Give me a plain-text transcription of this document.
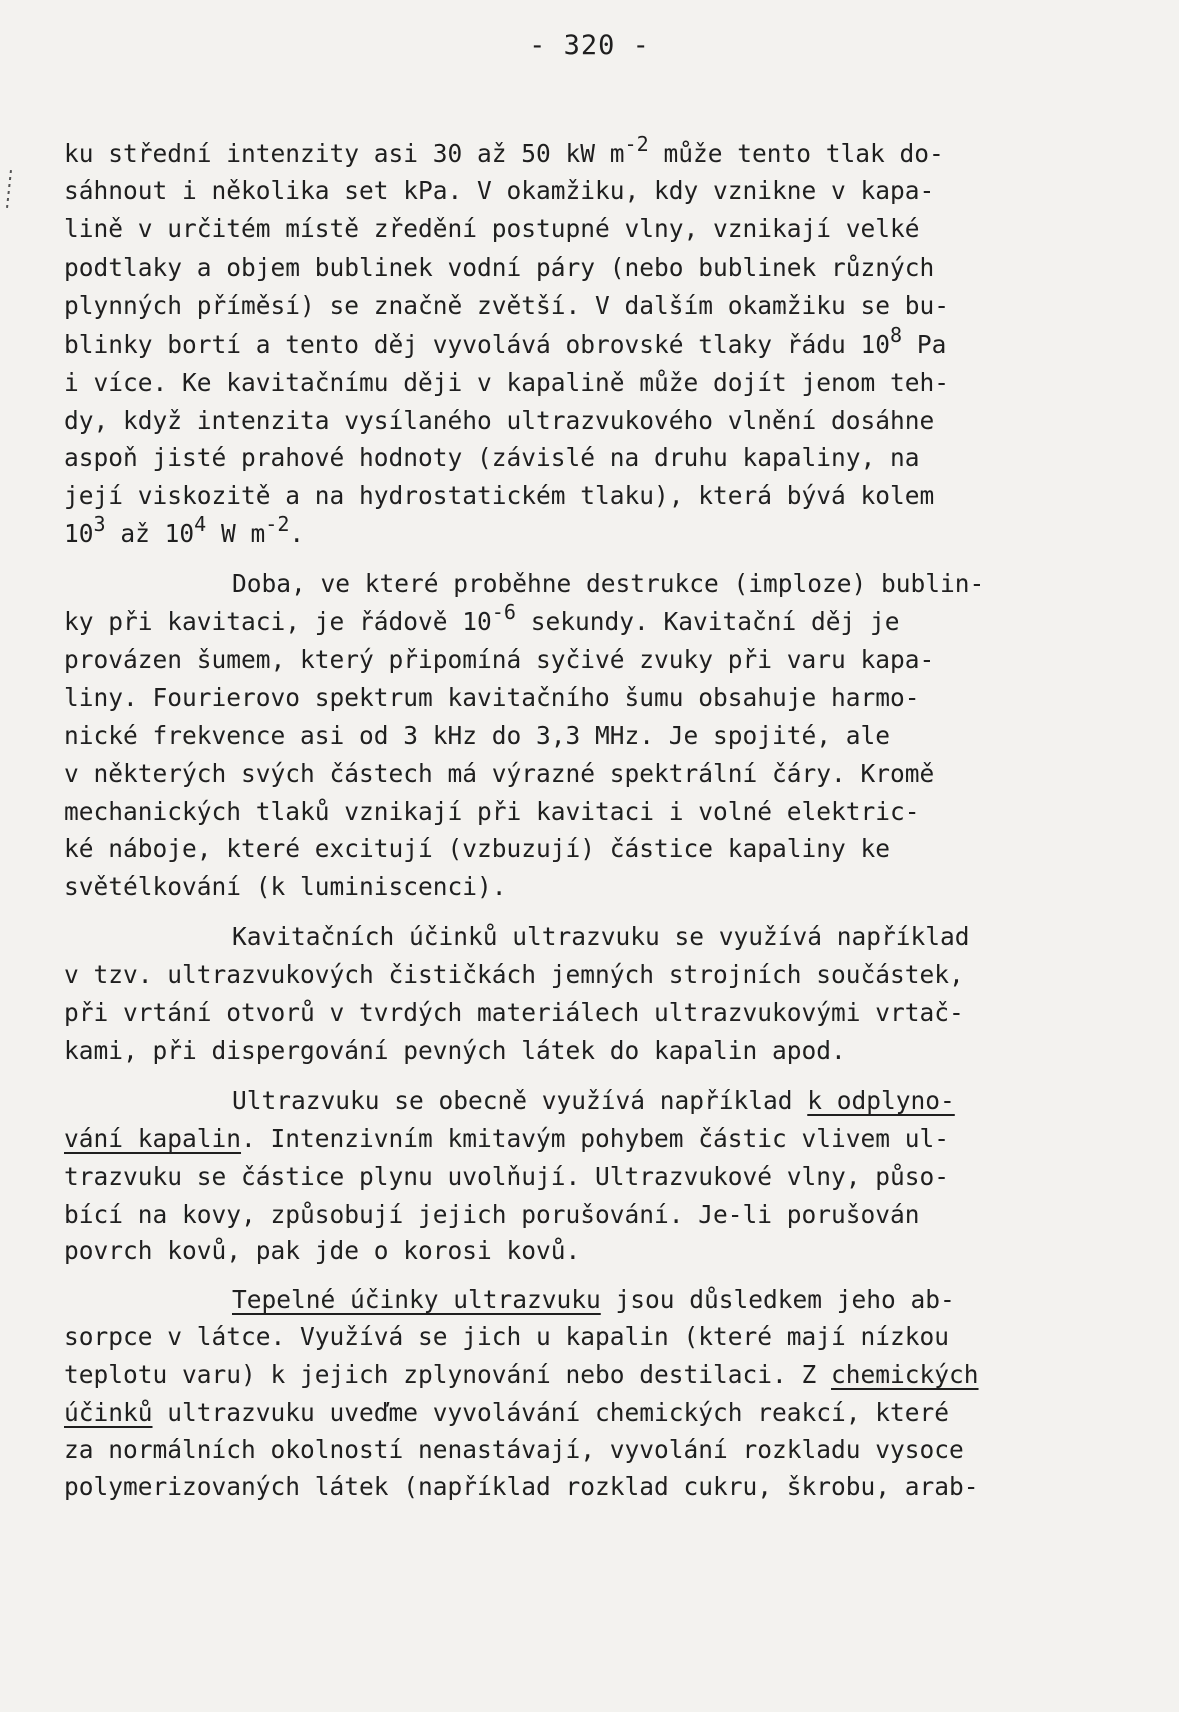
- 320 -
ku střední intenzity asi 30 až 50 kW $m^{-2}$ může tento tlak do-
sáhnout i několika set kPa. V okamžiku, kdy vznikne v kapa-
lině v určitém místě zředění postupné vlny, vznikají velké
podtlaky a objem bublinek vodní páry (nebo bublinek různých
plynných příměsí) se značně zvětší. V dalším okamžiku se bu-
blinky bortí a tento děj vyvolává obrovské tlaky řádu $10^8$ Pa
i více. Ke kavitačnímu ději v kapalině může dojít jenom teh-
dy, když intenzita vysílaného ultrazvukového vlnění dosáhne
aspoň jisté prahové hodnoty (závislé na druhu kapaliny, na
její viskozitě a na hydrostatickém tlaku), která bývá kolem
$10^3$ až $10^4$ W $m^{-2}$.
Doba, ve které proběhne destrukce (imploze) bublin-
ky při kavitaci, je řádově $10^{-6}$ sekundy. Kavitační děj je
provázen šumem, který připomíná syčivé zvuky při varu kapa-
liny. Fourierovo spektrum kavitačního šumu obsahuje harmo-
nické frekvence asi od 3 kHz do 3,3 MHz. Je spojité, ale
v některých svých částech má výrazné spektrální čáry. Kromě
mechanických tlaků vznikají při kavitaci i volné elektric-
ké náboje, které excitují (vzbuzují) částice kapaliny ke
světélkování (k luminiscenci).
Kavitačních účinků ultrazvuku se využívá například
v tzv. ultrazvukových čističkách jemných strojních součástek,
při vrtání otvorů v tvrdých materiálech ultrazvukovými vrtač-
kami, při dispergování pevných látek do kapalin apod.
Ultrazvuku se obecně využívá například k odplyno-
vání kapalin. Intenzivním kmitavým pohybem částic vlivem ul-
trazvuku se částice plynu uvolňují. Ultrazvukové vlny, půso-
bící na kovy, způsobují jejich porušování. Je-li porušován
povrch kovů, pak jde o korosi kovů.
Tepelné účinky ultrazvuku jsou důsledkem jeho ab-
sorpce v látce. Využívá se jich u kapalin (které mají nízkou
teplotu varu) k jejich zplynování nebo destilaci. Z chemických
účinků ultrazvuku uveďme vyvolávání chemických reakcí, které
za normálních okolností nenastávají, vyvolání rozkladu vysoce
polymerizovaných látek (například rozklad cukru, škrobu, arab-
